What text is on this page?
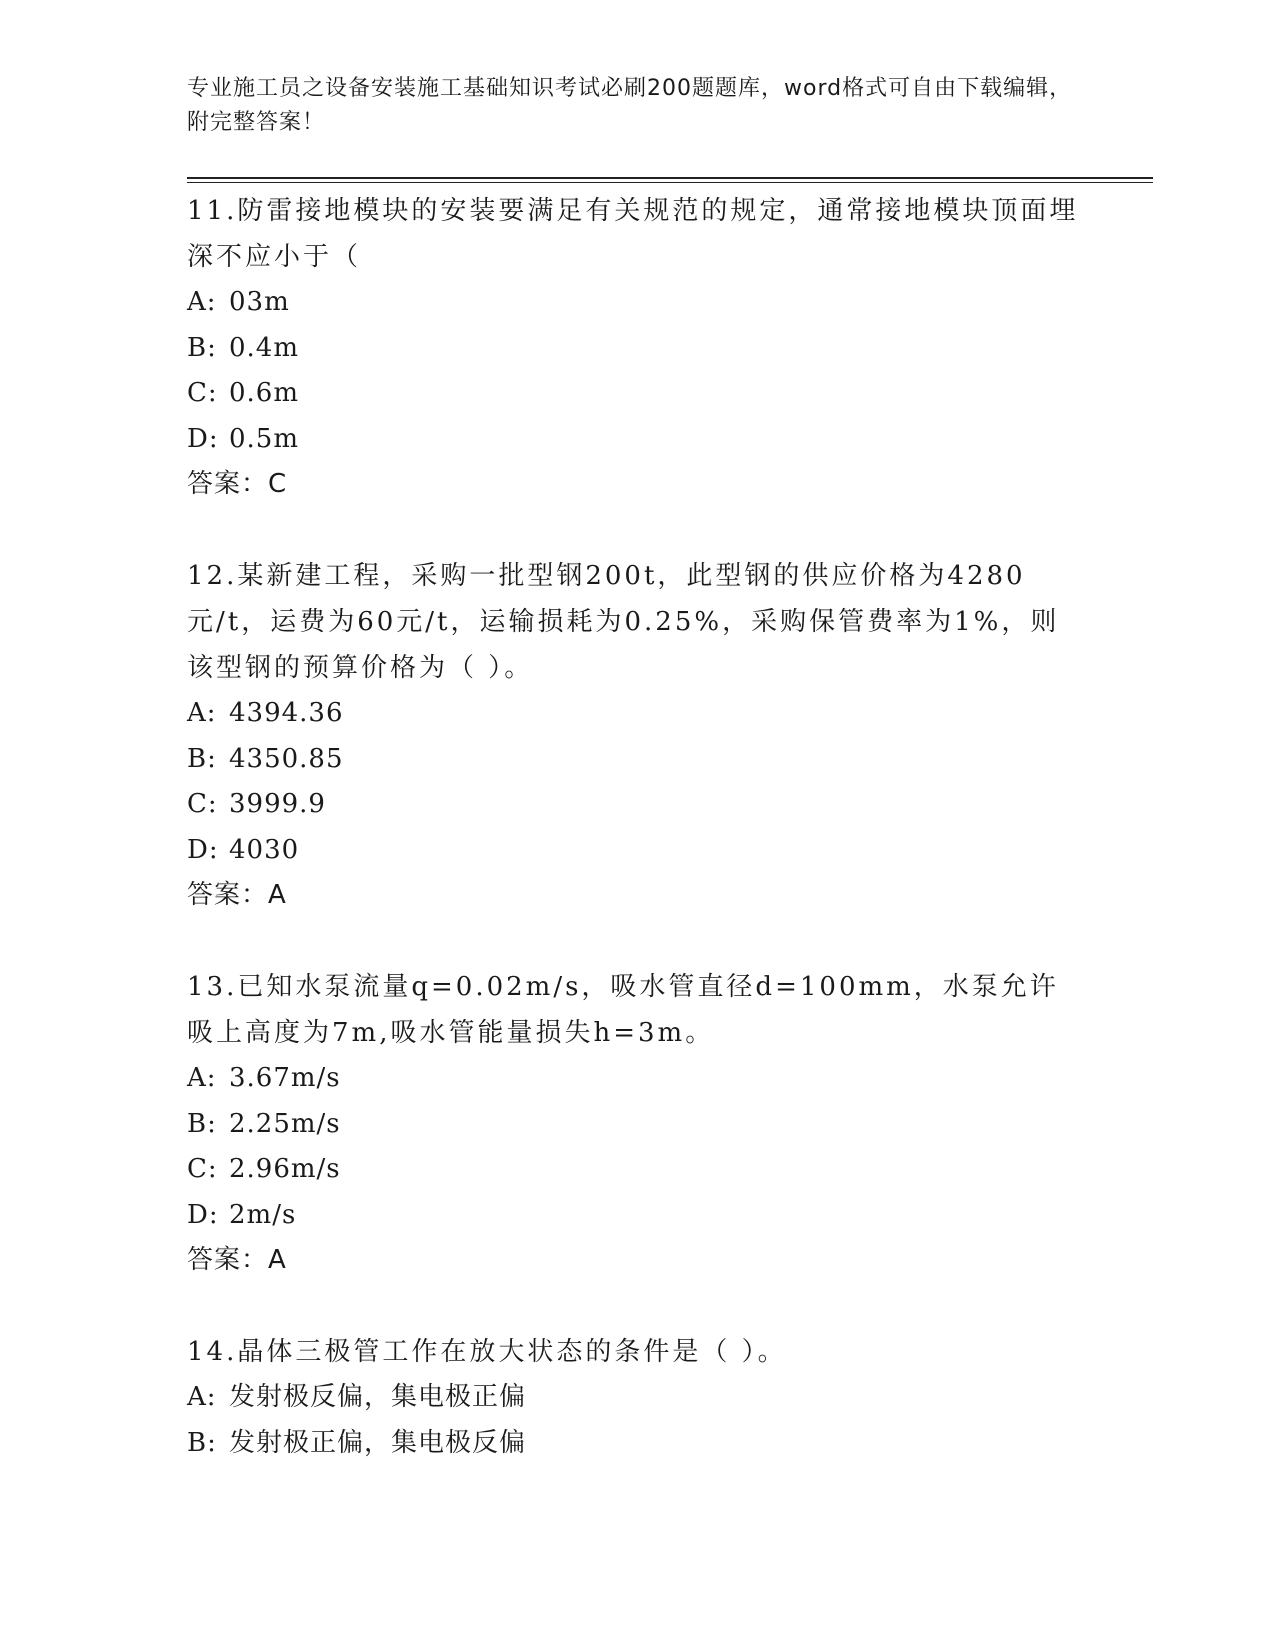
专业施工员之设备安装施工基础知识考试必刷200题题库，word格式可自由下载编辑，附完整答案！

11.防雷接地模块的安装要满足有关规范的规定，通常接地模块顶面埋深不应小于（

A: 03m

B: 0.4m

C: 0.6m

D: 0.5m

答案：C

12.某新建工程，采购一批型钢200t，此型钢的供应价格为4280元/t，运费为60元/t，运输损耗为0.25%，采购保管费率为1%，则该型钢的预算价格为（ ）。

A: 4394.36

B: 4350.85

C: 3999.9

D: 4030

答案：A

13.已知水泵流量q=0.02m/s，吸水管直径d=100mm，水泵允许吸上高度为7m,吸水管能量损失h=3m。

A: 3.67m/s

B: 2.25m/s

C: 2.96m/s

D: 2m/s

答案：A

14.晶体三极管工作在放大状态的条件是（ ）。

A: 发射极反偏，集电极正偏

B: 发射极正偏，集电极反偏
